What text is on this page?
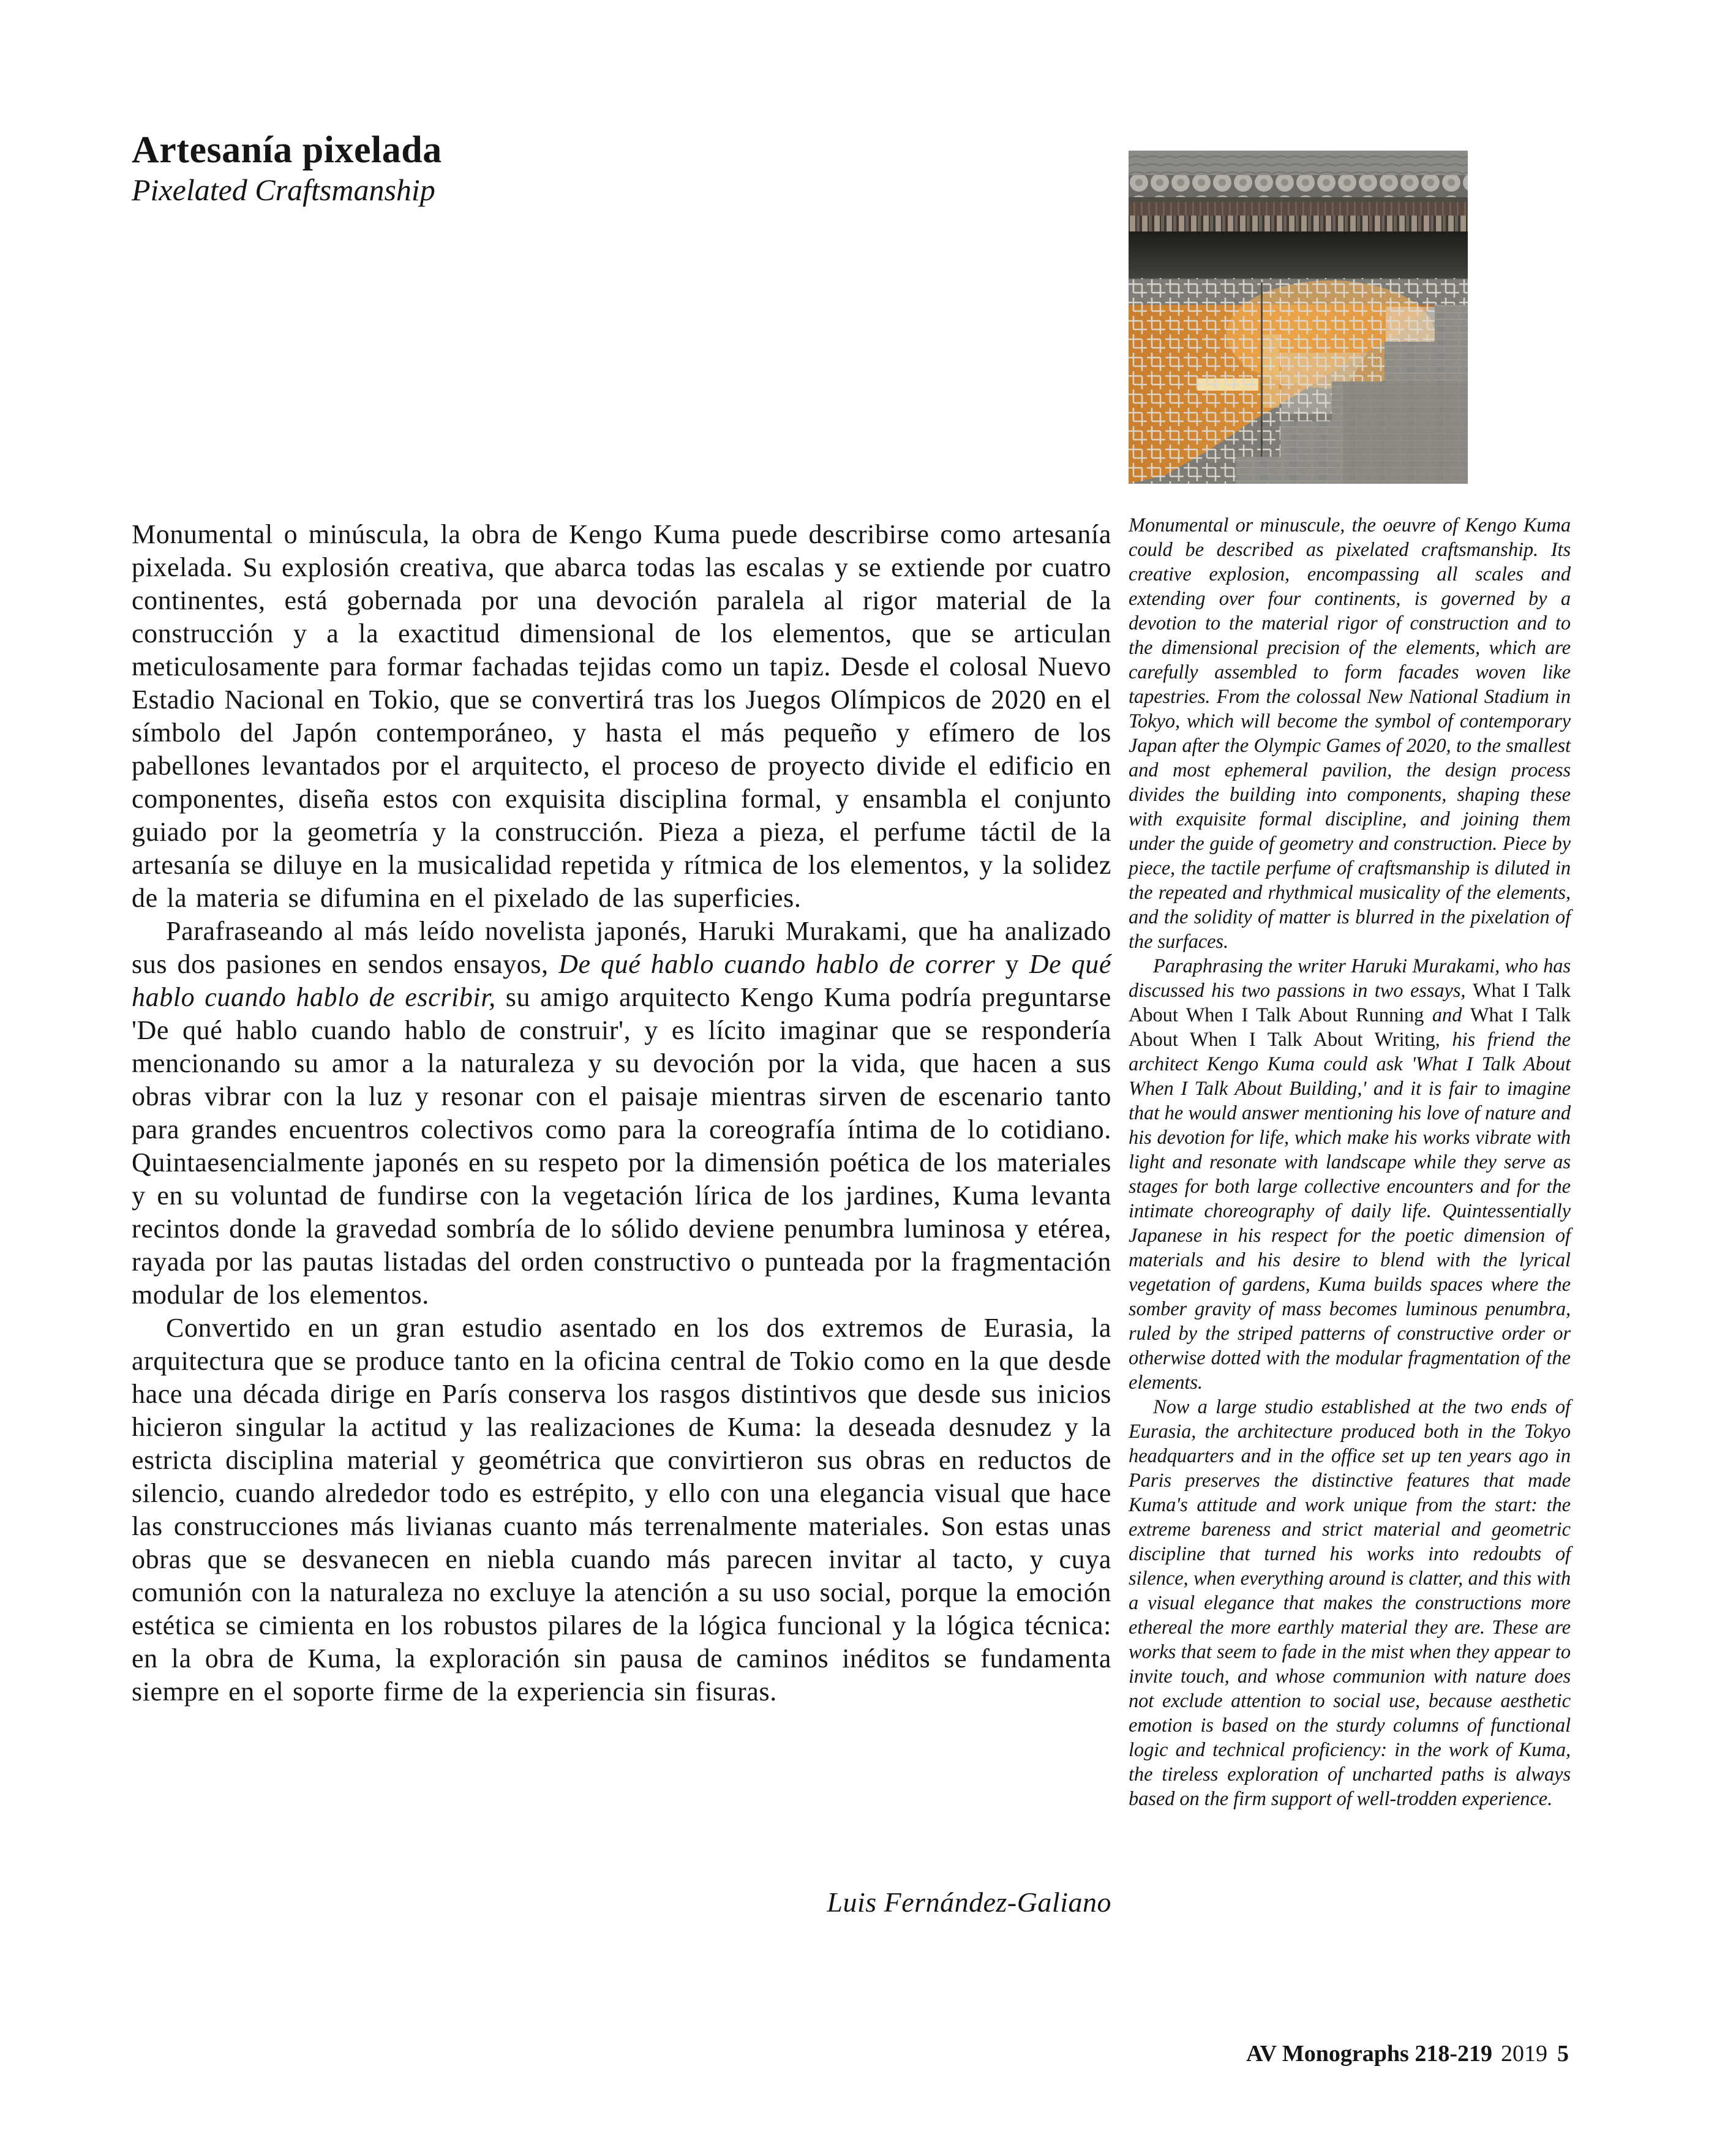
Artesanía pixelada
Pixelated Craftsmanship

Monumental o minúscula, la obra de Kengo Kuma puede describirse como artesanía pixelada. Su explosión creativa, que abarca todas las escalas y se extiende por cuatro continentes, está gobernada por una devoción paralela al rigor material de la construcción y a la exactitud dimensional de los elementos, que se articulan meticulosamente para formar fachadas tejidas como un tapiz. Desde el colosal Nuevo Estadio Nacional en Tokio, que se convertirá tras los Juegos Olímpicos de 2020 en el símbolo del Japón contemporáneo, y hasta el más pequeño y efímero de los pabellones levantados por el arquitecto, el proceso de proyecto divide el edificio en componentes, diseña estos con exquisita disciplina formal, y ensambla el conjunto guiado por la geometría y la construcción. Pieza a pieza, el perfume táctil de la artesanía se diluye en la musicalidad repetida y rítmica de los elementos, y la solidez de la materia se difumina en el pixelado de las superficies.

Parafraseando al más leído novelista japonés, Haruki Murakami, que ha analizado sus dos pasiones en sendos ensayos, De qué hablo cuando hablo de correr y De qué hablo cuando hablo de escribir, su amigo arquitecto Kengo Kuma podría preguntarse 'De qué hablo cuando hablo de construir', y es lícito imaginar que se respondería mencionando su amor a la naturaleza y su devoción por la vida, que hacen a sus obras vibrar con la luz y resonar con el paisaje mientras sirven de escenario tanto para grandes encuentros colectivos como para la coreografía íntima de lo cotidiano. Quintaesencialmente japonés en su respeto por la dimensión poética de los materiales y en su voluntad de fundirse con la vegetación lírica de los jardines, Kuma levanta recintos donde la gravedad sombría de lo sólido deviene penumbra luminosa y etérea, rayada por las pautas listadas del orden constructivo o punteada por la fragmentación modular de los elementos.

Convertido en un gran estudio asentado en los dos extremos de Eurasia, la arquitectura que se produce tanto en la oficina central de Tokio como en la que desde hace una década dirige en París conserva los rasgos distintivos que desde sus inicios hicieron singular la actitud y las realizaciones de Kuma: la deseada desnudez y la estricta disciplina material y geométrica que convirtieron sus obras en reductos de silencio, cuando alrededor todo es estrépito, y ello con una elegancia visual que hace las construcciones más livianas cuanto más terrenalmente materiales. Son estas unas obras que se desvanecen en niebla cuando más parecen invitar al tacto, y cuya comunión con la naturaleza no excluye la atención a su uso social, porque la emoción estética se cimienta en los robustos pilares de la lógica funcional y la lógica técnica: en la obra de Kuma, la exploración sin pausa de caminos inéditos se fundamenta siempre en el soporte firme de la experiencia sin fisuras.

Luis Fernández-Galiano

Monumental or minuscule, the oeuvre of Kengo Kuma could be described as pixelated craftsmanship. Its creative explosion, encompassing all scales and extending over four continents, is governed by a devotion to the material rigor of construction and to the dimensional precision of the elements, which are carefully assembled to form facades woven like tapestries. From the colossal New National Stadium in Tokyo, which will become the symbol of contemporary Japan after the Olympic Games of 2020, to the smallest and most ephemeral pavilion, the design process divides the building into components, shaping these with exquisite formal discipline, and joining them under the guide of geometry and construction. Piece by piece, the tactile perfume of craftsmanship is diluted in the repeated and rhythmical musicality of the elements, and the solidity of matter is blurred in the pixelation of the surfaces.

Paraphrasing the writer Haruki Murakami, who has discussed his two passions in two essays, What I Talk About When I Talk About Running and What I Talk About When I Talk About Writing, his friend the architect Kengo Kuma could ask 'What I Talk About When I Talk About Building,' and it is fair to imagine that he would answer mentioning his love of nature and his devotion for life, which make his works vibrate with light and resonate with landscape while they serve as stages for both large collective encounters and for the intimate choreography of daily life. Quintessentially Japanese in his respect for the poetic dimension of materials and his desire to blend with the lyrical vegetation of gardens, Kuma builds spaces where the somber gravity of mass becomes luminous penumbra, ruled by the striped patterns of constructive order or otherwise dotted with the modular fragmentation of the elements.

Now a large studio established at the two ends of Eurasia, the architecture produced both in the Tokyo headquarters and in the office set up ten years ago in Paris preserves the distinctive features that made Kuma's attitude and work unique from the start: the extreme bareness and strict material and geometric discipline that turned his works into redoubts of silence, when everything around is clatter, and this with a visual elegance that makes the constructions more ethereal the more earthly material they are. These are works that seem to fade in the mist when they appear to invite touch, and whose communion with nature does not exclude attention to social use, because aesthetic emotion is based on the sturdy columns of functional logic and technical proficiency: in the work of Kuma, the tireless exploration of uncharted paths is always based on the firm support of well-trodden experience.

AV Monographs 218-219 2019 5
